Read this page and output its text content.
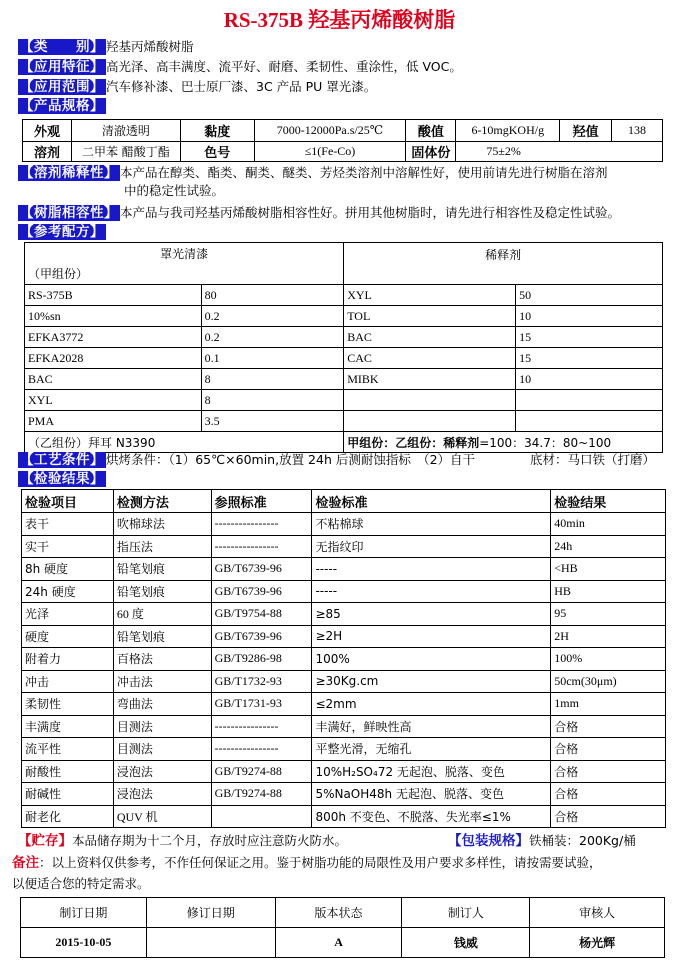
RS-375B 羟基丙烯酸树脂
【类　　别】 羟基丙烯酸树脂
【应用特征】 高光泽、高丰满度、流平好、耐磨、柔韧性、重涂性，低 VOC。
【应用范围】 汽车修补漆、巴士原厂漆、3C 产品 PU 罩光漆。
【产品规格】
外观	清澈透明	黏度	7000-12000Pa.s/25℃	酸值	6-10mgKOH/g	羟值	138
溶剂	二甲苯 醋酸丁酯	色号	≤1(Fe-Co)	固体份	75±2%		
【溶剂稀释性】 本产品在醇类、酯类、酮类、醚类、芳烃类溶剂中溶解性好，使用前请先进行树脂在溶剂
中的稳定性试验。
【树脂相容性】 本产品与我司羟基丙烯酸树脂相容性好。拼用其他树脂时，请先进行相容性及稳定性试验。
【参考配方】
罩光清漆		稀释剂	
（甲组份）			
RS-375B	80	XYL	50
10%sn	0.2	TOL	10
EFKA3772	0.2	BAC	15
EFKA2028	0.1	CAC	15
BAC	8	MIBK	10
XYL	8		
PMA	3.5		
（乙组份）拜耳 N3390		甲组份：乙组份：稀释剂=100：34.7：80~100	
【工艺条件】 烘烤条件：（1）65℃×60min,放置 24h 后测耐蚀指标　（2）自干	底材：马口铁（打磨）
【检验结果】
检验项目	检测方法	参照标准	检验标准	检验结果
表干	吹棉球法	----------------	不粘棉球	40min
实干	指压法	----------------	无指纹印	24h
8h 硬度	铅笔划痕	GB/T6739-96	-----	<HB
24h 硬度	铅笔划痕	GB/T6739-96	-----	HB
光泽	60 度	GB/T9754-88	≥85	95
硬度	铅笔划痕	GB/T6739-96	≥2H	2H
附着力	百格法	GB/T9286-98	100%	100%
冲击	冲击法	GB/T1732-93	≥30Kg.cm	50cm(30μm)
柔韧性	弯曲法	GB/T1731-93	≤2mm	1mm
丰满度	目测法	----------------	丰满好，鲜映性高	合格
流平性	目测法	----------------	平整光滑，无缩孔	合格
耐酸性	浸泡法	GB/T9274-88	10%H₂SO₄72 无起泡、脱落、变色	合格
耐碱性	浸泡法	GB/T9274-88	5%NaOH48h 无起泡、脱落、变色	合格
耐老化	QUV 机		800h 不变色、不脱落、失光率≤1%	合格
【贮存】本品储存期为十二个月，存放时应注意防火防水。	【包装规格】铁桶装：200Kg/桶
备注：以上资料仅供参考，不作任何保证之用。鉴于树脂功能的局限性及用户要求多样性，请按需要试验，
以便适合您的特定需求。
制订日期	修订日期	版本状态	制订人	审核人
2015-10-05		A	钱威	杨光辉
